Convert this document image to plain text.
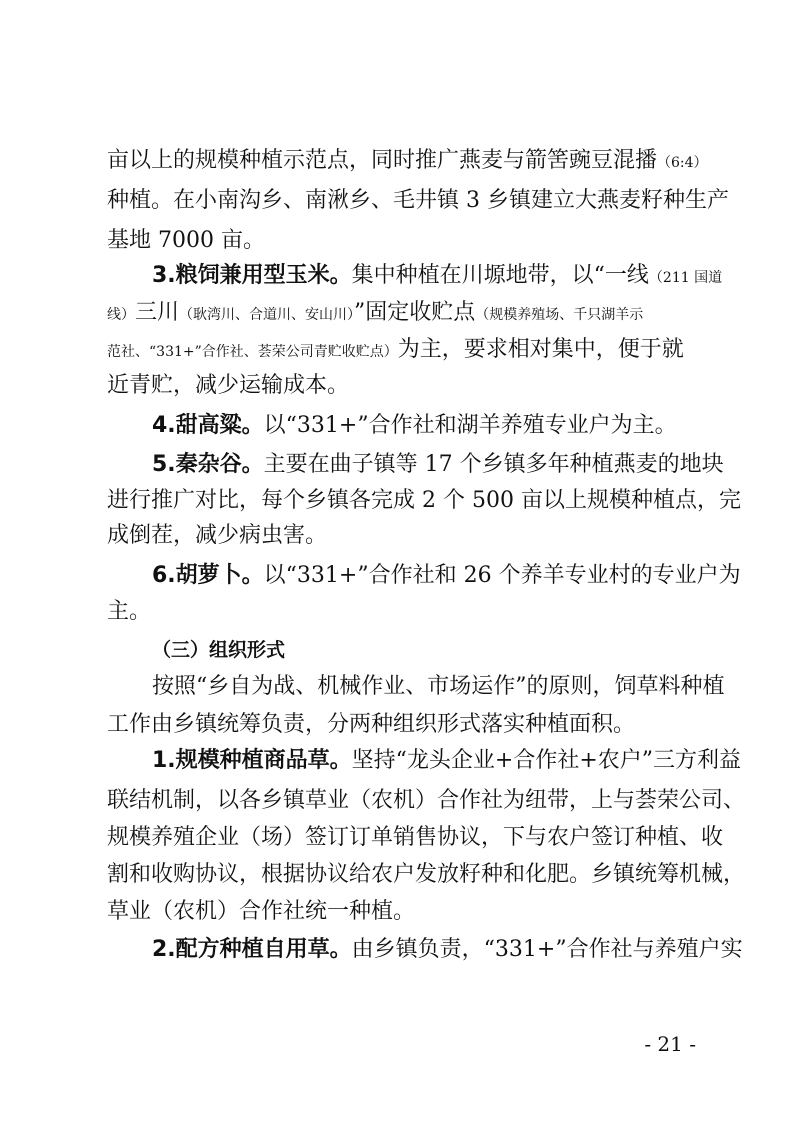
亩以上的规模种植示范点，同时推广燕麦与箭筈豌豆混播（6:4）
种植。在小南沟乡、南湫乡、毛井镇 3 乡镇建立大燕麦籽种生产
基地 7000 亩。
3.粮饲兼用型玉米。集中种植在川塬地带，以“一线（211 国道
线）三川（耿湾川、合道川、安山川）”固定收贮点（规模养殖场、千只湖羊示
范社、“331+”合作社、荟荣公司青贮收贮点）为主，要求相对集中，便于就
近青贮，减少运输成本。
4.甜高粱。以“331+”合作社和湖羊养殖专业户为主。
5.秦杂谷。主要在曲子镇等 17 个乡镇多年种植燕麦的地块
进行推广对比，每个乡镇各完成 2 个 500 亩以上规模种植点，完
成倒茬，减少病虫害。
6.胡萝卜。以“331+”合作社和 26 个养羊专业村的专业户为
主。
（三）组织形式
按照“乡自为战、机械作业、市场运作”的原则，饲草料种植
工作由乡镇统筹负责，分两种组织形式落实种植面积。
1.规模种植商品草。坚持“龙头企业+合作社+农户”三方利益
联结机制，以各乡镇草业（农机）合作社为纽带，上与荟荣公司、
规模养殖企业（场）签订订单销售协议，下与农户签订种植、收
割和收购协议，根据协议给农户发放籽种和化肥。乡镇统筹机械，
草业（农机）合作社统一种植。
2.配方种植自用草。由乡镇负责，“331+”合作社与养殖户实
- 21 -
